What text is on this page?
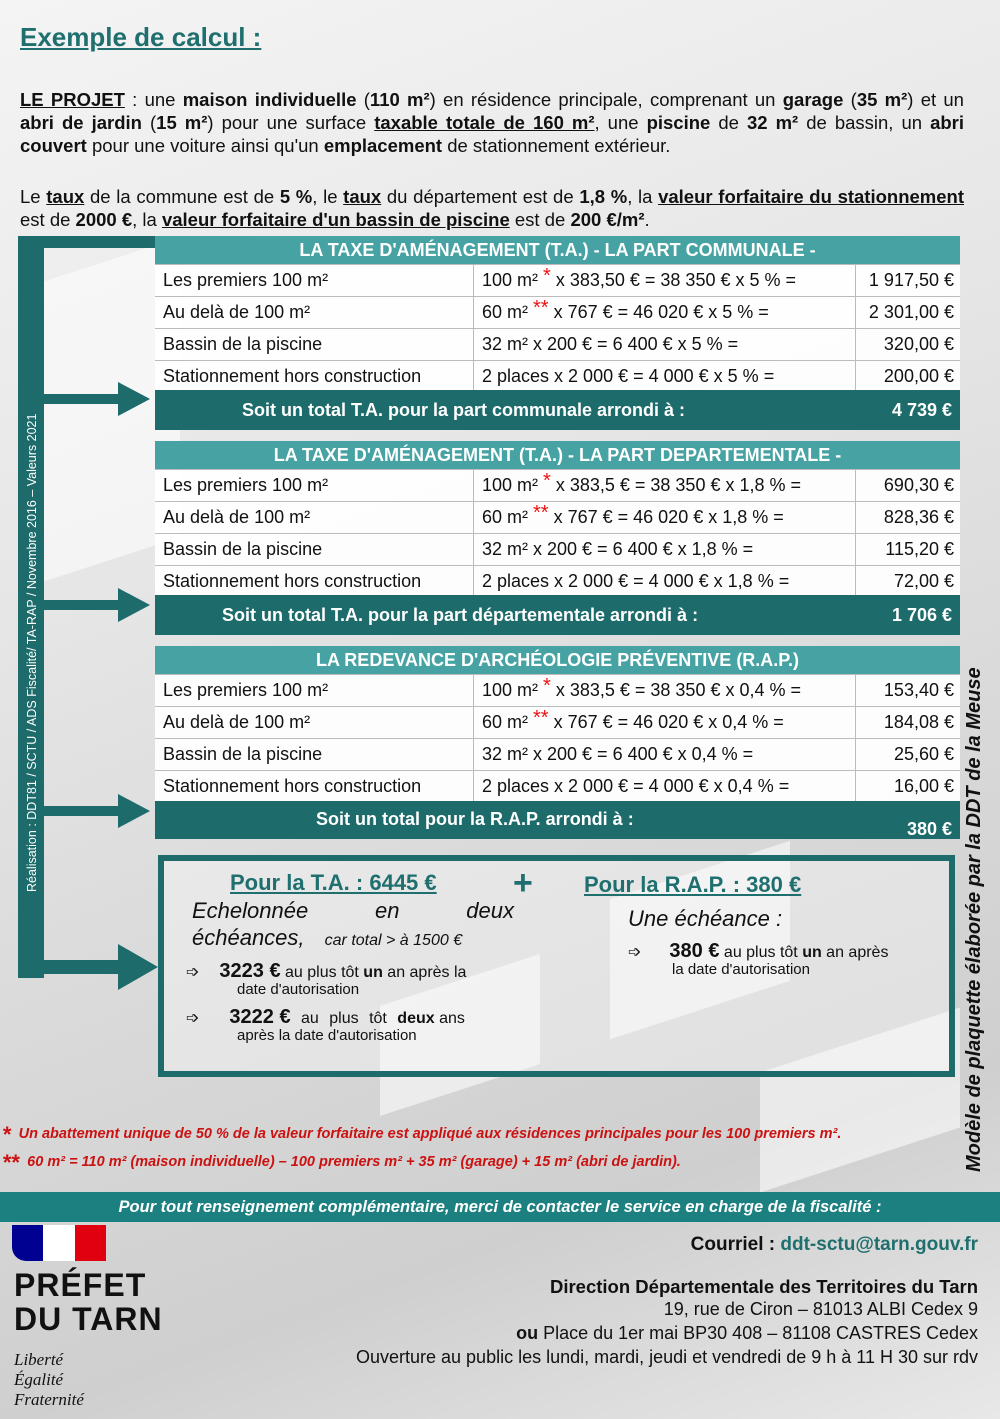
Exemple de calcul :

LE PROJET : une maison individuelle (110 m²) en résidence principale, comprenant un garage (35 m²) et un abri de jardin (15 m²) pour une surface taxable totale de 160 m², une piscine de 32 m² de bassin, un abri couvert pour une voiture ainsi qu'un emplacement de stationnement extérieur.

Le taux de la commune est de 5 %, le taux du département est de 1,8 %, la valeur forfaitaire du stationnement est de 2000 €, la valeur forfaitaire d'un bassin de piscine est de 200 €/m².

Réalisation : DDT81 / SCTU / ADS Fiscalité/ TA-RAP / Novembre 2016 – Valeurs 2021
LA TAXE D'AMÉNAGEMENT (T.A.) - LA PART COMMUNALE -
Les premiers 100 m²	100 m² * x 383,50 € = 38 350 € x 5 % =	1 917,50 €
Au delà de 100 m²	60 m² ** x 767 € = 46 020 € x 5 % =	2 301,00 €
Bassin de la piscine	32 m² x 200 € = 6 400 € x 5 % =	320,00 €
Stationnement hors construction	2 places x 2 000 € = 4 000 € x 5 % =	200,00 €
Soit un total T.A. pour la part communale arrondi à :	4 739 €
LA TAXE D'AMÉNAGEMENT (T.A.) - LA PART DEPARTEMENTALE -
Les premiers 100 m²	100 m² * x 383,5 € = 38 350 € x 1,8 % =	690,30 €
Au delà de 100 m²	60 m² ** x 767 € = 46 020 € x 1,8 % =	828,36 €
Bassin de la piscine	32 m² x 200 € = 6 400 € x 1,8 % =	115,20 €
Stationnement hors construction	2 places x 2 000 € = 4 000 € x 1,8 % =	72,00 €
Soit un total T.A. pour la part départementale arrondi à :	1 706 €
LA REDEVANCE D'ARCHÉOLOGIE PRÉVENTIVE (R.A.P.)
Les premiers 100 m²	100 m² * x 383,5 € = 38 350 € x 0,4 % =	153,40 €
Au delà de 100 m²	60 m² ** x 767 € = 46 020 € x 0,4 % =	184,08 €
Bassin de la piscine	32 m² x 200 € = 6 400 € x 0,4 % =	25,60 €
Stationnement hors construction	2 places x 2 000 € = 4 000 € x 0,4 % =	16,00 €
Soit un total pour la R.A.P. arrondi à :	380 €
Pour la T.A. : 6445 € + Pour la R.A.P. : 380 €
Echelonnée en deux
échéances, car total > à 1500 €
➩ 3223 € au plus tôt un an après la
date d'autorisation
➩ 3222 € au plus tôt deux ans
après la date d'autorisation
Une échéance :
➩ 380 € au plus tôt un an après
la date d'autorisation	Modèle de plaquette élaborée par la DDT de la Meuse
* Un abattement unique de 50 % de la valeur forfaitaire est appliqué aux résidences principales pour les 100 premiers m².
** 60 m² = 110 m² (maison individuelle) – 100 premiers m² + 35 m² (garage) + 15 m² (abri de jardin).
Pour tout renseignement complémentaire, merci de contacter le service en charge de la fiscalité :
Courriel : ddt-sctu@tarn.gouv.fr
Direction Départementale des Territoires du Tarn
19, rue de Ciron – 81013 ALBI Cedex 9
ou Place du 1er mai BP30 408 – 81108 CASTRES Cedex
Ouverture au public les lundi, mardi, jeudi et vendredi de 9 h à 11 H 30 sur rdv
PRÉFET
DU TARN
Liberté
Égalité
Fraternité
